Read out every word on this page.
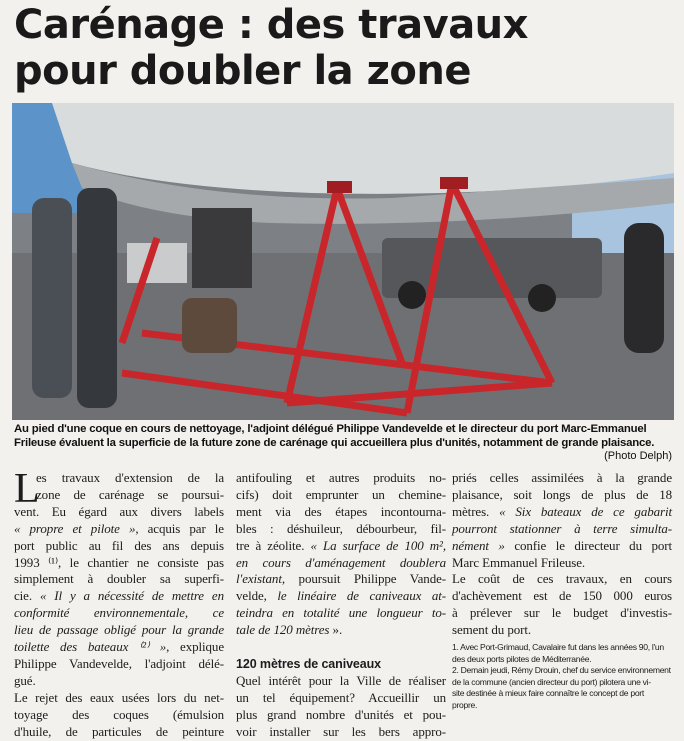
Carénage : des travaux
pour doubler la zone
Au pied d'une coque en cours de nettoyage, l'adjoint délégué Philippe Vandevelde et le directeur du port Marc-Emmanuel Frileuse évaluent la superficie de la future zone de carénage qui accueillera plus d'unités, notamment de grande plaisance.
(Photo Delph)
L
es travaux d'extension de la
zone de carénage se poursui-
vent. Eu égard aux divers labels
« propre et pilote », acquis par le
port public au fil des ans depuis
1993 ⁽¹⁾, le chantier ne consiste pas
simplement à doubler sa superfi-
cie. « Il y a nécessité de mettre en
conformité environnementale, ce
lieu de passage obligé pour la grande
toilette des bateaux ⁽²⁾ », explique
Philippe Vandevelde, l'adjoint délé-
gué.
Le rejet des eaux usées lors du net-
toyage des coques (émulsion
d'huile, de particules de peinture
antifouling et autres produits no-
cifs) doit emprunter un chemine-
ment via des étapes incontourna-
bles : déshuileur, débourbeur, fil-
tre à zéolite. « La surface de 100 m²,
en cours d'aménagement doublera
l'existant, poursuit Philippe Vande-
velde, le linéaire de caniveaux at-
teindra en totalité une longueur to-
tale de 120 mètres ».
120 mètres de caniveaux
Quel intérêt pour la Ville de réaliser
un tel équipement? Accueillir un
plus grand nombre d'unités et pou-
voir installer sur les bers appro-
priés celles assimilées à la grande
plaisance, soit longs de plus de 18
mètres. « Six bateaux de ce gabarit
pourront stationner à terre simulta-
nément » confie le directeur du port
Marc Emmanuel Frileuse.
Le coût de ces travaux, en cours
d'achèvement est de 150 000 euros
à prélever sur le budget d'investis-
sement du port.
1. Avec Port-Grimaud, Cavalaire fut dans les années 90, l'un
des deux ports pilotes de Méditerranée.
2. Demain jeudi, Rémy Drouin, chef du service environnement
de la commune (ancien directeur du port) pilotera une vi-
site destinée à mieux faire connaître le concept de port
propre.
